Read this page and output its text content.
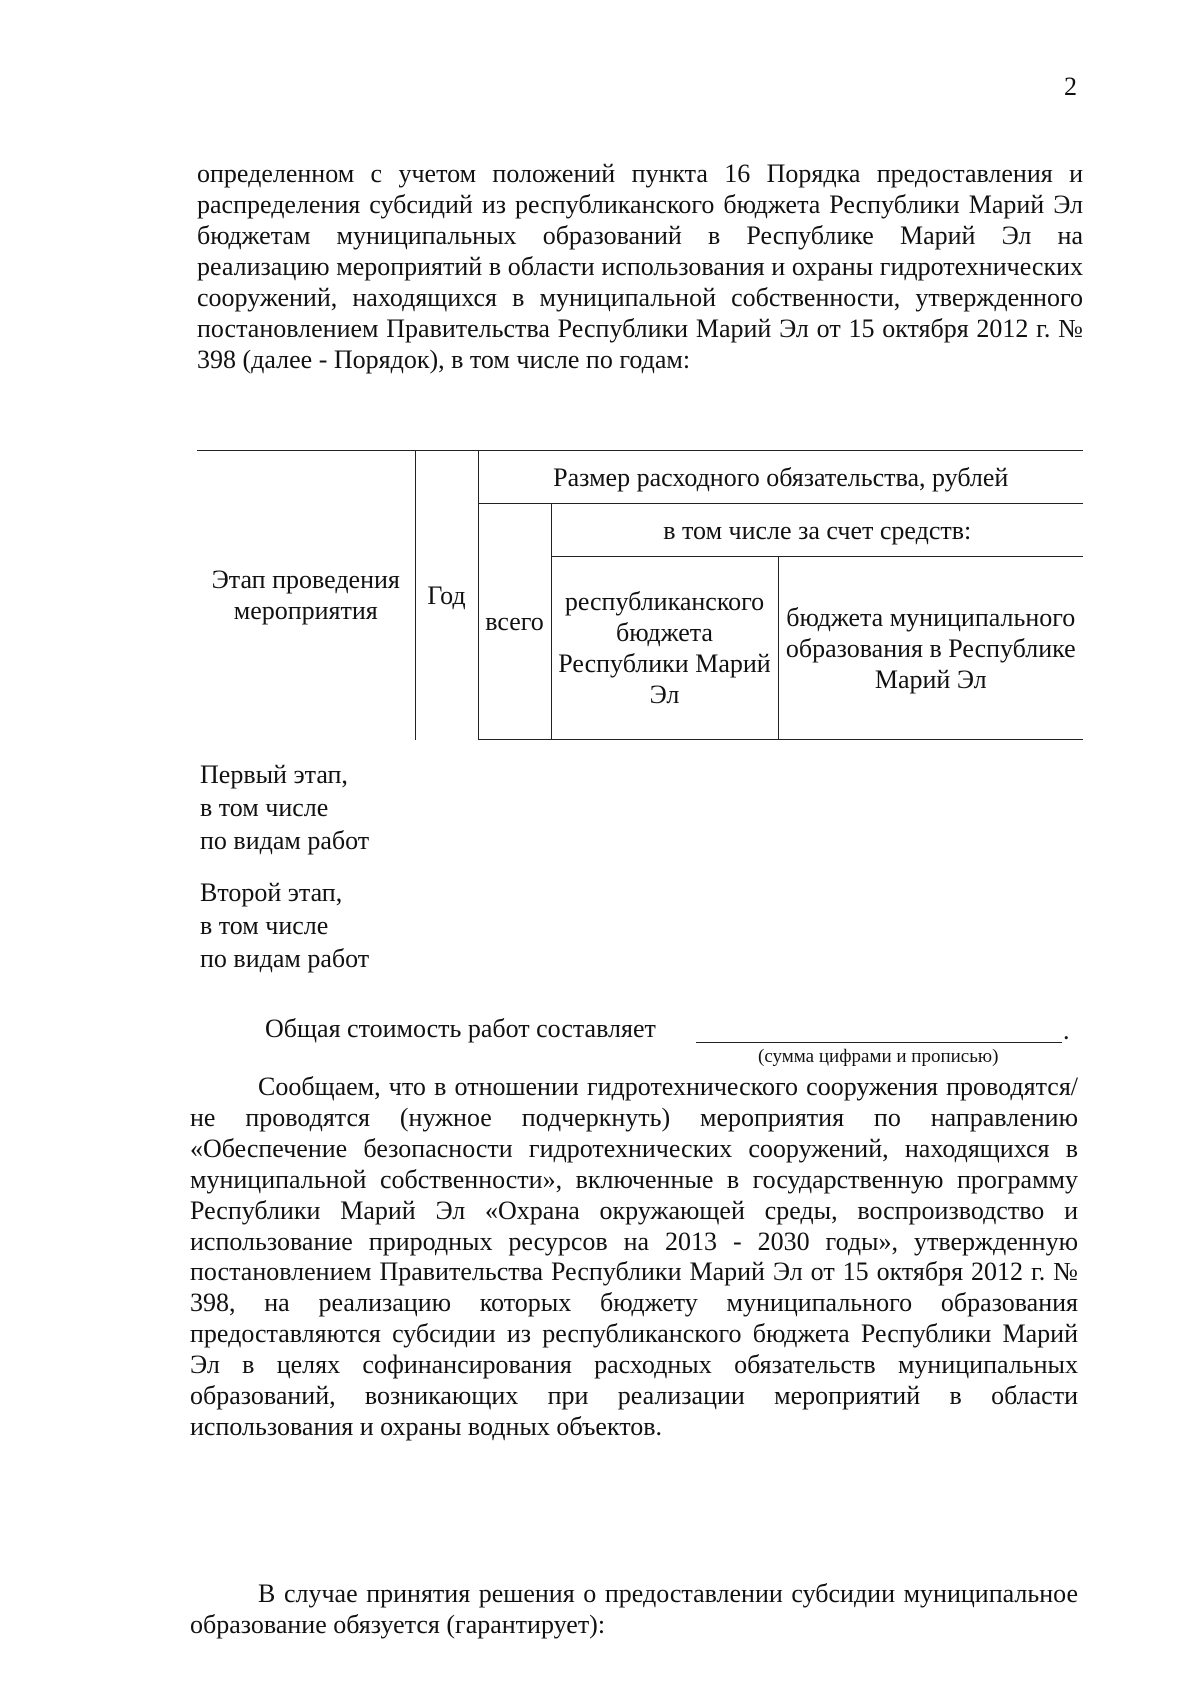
2

определенном с учетом положений пункта 16 Порядка предоставления и распределения субсидий из республиканского бюджета Республики Марий Эл бюджетам муниципальных образований в Республике Марий Эл на реализацию мероприятий в области использования и охраны гидротехнических сооружений, находящихся в муниципальной собственности, утвержденного постановлением Правительства Республики Марий Эл от 15 октября 2012 г. № 398 (далее - Порядок), в том числе по годам:

Этап проведения мероприятия	Год	Размер расходного обязательства, рублей		
		всего	в том числе за счет средств:	
			республиканского бюджета Республики Марий Эл	бюджета муниципального образования в Республике Марий Эл
Первый этап,
в том числе
по видам работ
Второй этап,
в том числе
по видам работ
Общая стоимость работ составляет	.
(сумма цифрами и прописью)

Сообщаем, что в отношении гидротехнического сооружения проводятся/не проводятся (нужное подчеркнуть) мероприятия по направлению «Обеспечение безопасности гидротехнических сооружений, находящихся в муниципальной собственности», включенные в государственную программу Республики Марий Эл «Охрана окружающей среды, воспроизводство и использование природных ресурсов на 2013 - 2030 годы», утвержденную постановлением Правительства Республики Марий Эл от 15 октября 2012 г. № 398, на реализацию которых бюджету муниципального образования предоставляются субсидии из республиканского бюджета Республики Марий Эл в целях софинансирования расходных обязательств муниципальных образований, возникающих при реализации мероприятий в области использования и охраны водных объектов.

В случае принятия решения о предоставлении субсидии муниципальное образование обязуется (гарантирует):
